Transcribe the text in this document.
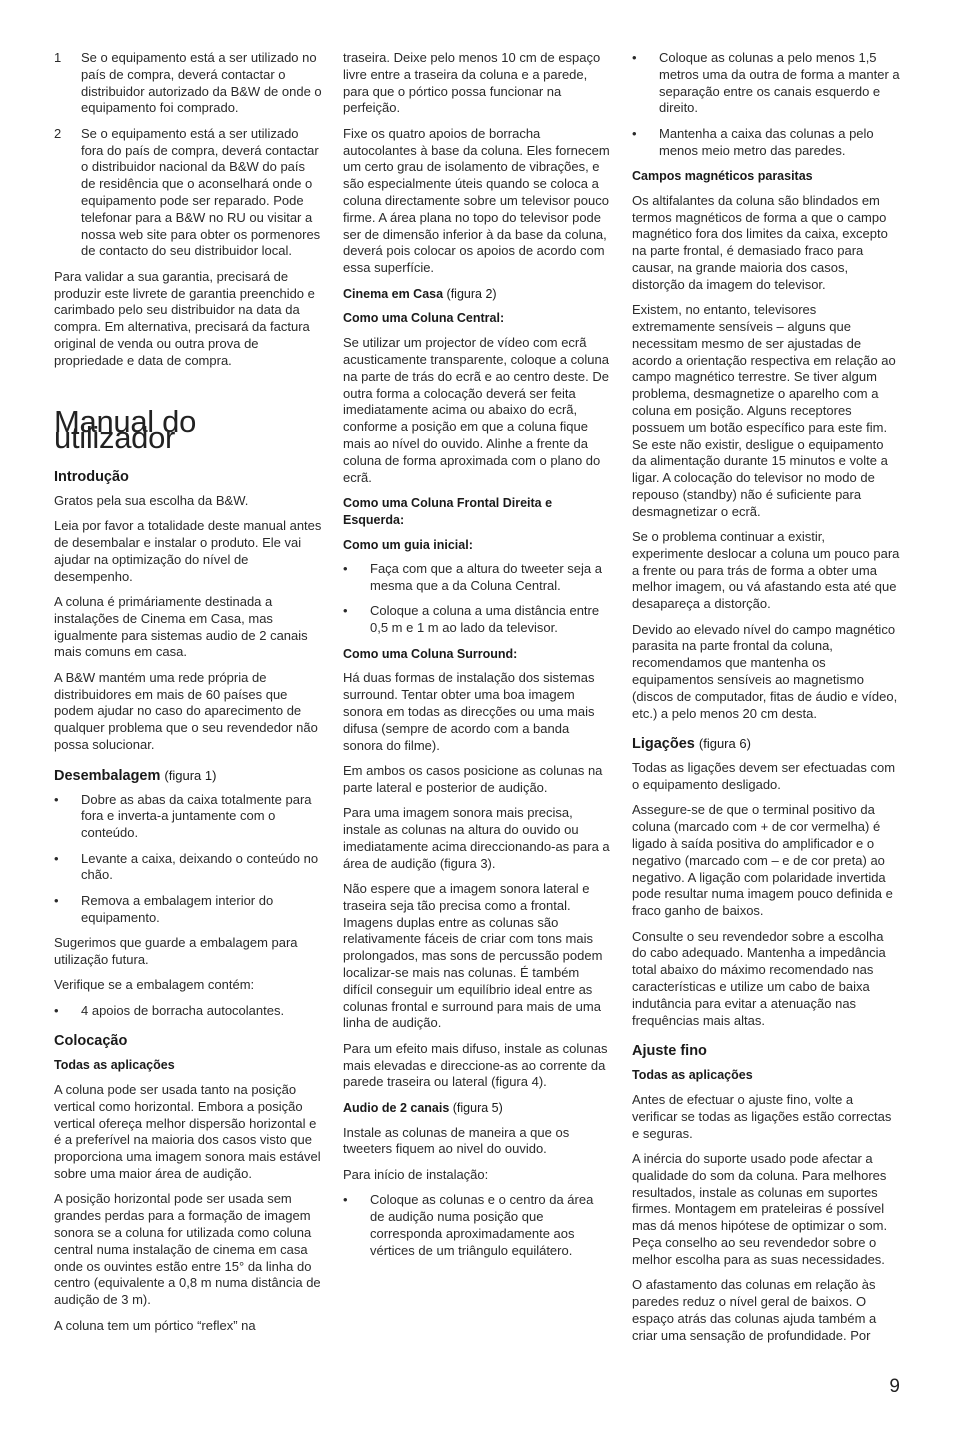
1	Se o equipamento está a ser utilizado no país de compra, deverá contactar o distribuidor autorizado da B&W de onde o equipamento foi comprado.
2	Se o equipamento está a ser utilizado fora do país de compra, deverá contactar o distribuidor nacional da B&W do país de residência que o aconselhará onde o equipamento pode ser reparado. Pode telefonar para a B&W no RU ou visitar a nossa web site para obter os pormenores de contacto do seu distribuidor local.

Para validar a sua garantia, precisará de produzir este livrete de garantia preenchido e carimbado pelo seu distribuidor na data da compra. Em alternativa, precisará da factura original de venda ou outra prova de propriedade e data de compra.

Manual do utilizador
Introdução

Gratos pela sua escolha da B&W.

Leia por favor a totalidade deste manual antes de desembalar e instalar o produto. Ele vai ajudar na optimização do nível de desempenho.

A coluna é primáriamente destinada a instalações de Cinema em Casa, mas igualmente para sistemas audio de 2 canais mais comuns em casa.

A B&W mantém uma rede própria de distribuidores em mais de 60 países que podem ajudar no caso do aparecimento de qualquer problema que o seu revendedor não possa solucionar.

Desembalagem (figura 1)
•	Dobre as abas da caixa totalmente para fora e inverta-a juntamente com o conteúdo.
•	Levante a caixa, deixando o conteúdo no chão.
•	Remova a embalagem interior do equipamento.

Sugerimos que guarde a embalagem para utilização futura.

Verifique se a embalagem contém:

•	4 apoios de borracha autocolantes.
Colocação
Todas as aplicações

A coluna pode ser usada tanto na posição vertical como horizontal. Embora a posição vertical ofereça melhor dispersão horizontal e é a preferível na maioria dos casos visto que proporciona uma imagem sonora mais estável sobre uma maior área de audição.

A posição horizontal pode ser usada sem grandes perdas para a formação de imagem sonora se a coluna for utilizada como coluna central numa instalação de cinema em casa onde os ouvintes estão entre 15° da linha do centro (equivalente a 0,8 m numa distância de audição de 3 m).

A coluna tem um pórtico “reflex” na

traseira. Deixe pelo menos 10 cm de espaço livre entre a traseira da coluna e a parede, para que o pórtico possa funcionar na perfeição.

Fixe os quatro apoios de borracha autocolantes à base da coluna. Eles fornecem um certo grau de isolamento de vibrações, e são especialmente úteis quando se coloca a coluna directamente sobre um televisor pouco firme. A área plana no topo do televisor pode ser de dimensão inferior à da base da coluna, deverá pois colocar os apoios de acordo com essa superfície.

Cinema em Casa (figura 2)
Como uma Coluna Central:

Se utilizar um projector de vídeo com ecrã acusticamente transparente, coloque a coluna na parte de trás do ecrã e ao centro deste. De outra forma a colocação deverá ser feita imediatamente acima ou abaixo do ecrã, conforme a posição em que a coluna fique mais ao nível do ouvido. Alinhe a frente da coluna de forma aproximada com o plano do ecrã.

Como uma Coluna Frontal Direita e Esquerda:
Como um guia inicial:
•	Faça com que a altura do tweeter seja a mesma que a da Coluna Central.
•	Coloque a coluna a uma distância entre 0,5 m e 1 m ao lado da televisor.
Como uma Coluna Surround:

Há duas formas de instalação dos sistemas surround. Tentar obter uma boa imagem sonora em todas as direcções ou uma mais difusa (sempre de acordo com a banda sonora do filme).

Em ambos os casos posicione as colunas na parte lateral e posterior de audição.

Para uma imagem sonora mais precisa, instale as colunas na altura do ouvido ou imediatamente acima direccionando-as para a área de audição (figura 3).

Não espere que a imagem sonora lateral e traseira seja tão precisa como a frontal. Imagens duplas entre as colunas são relativamente fáceis de criar com tons mais prolongados, mas sons de percussão podem localizar-se mais nas colunas. É também difícil conseguir um equilíbrio ideal entre as colunas frontal e surround para mais de uma linha de audição.

Para um efeito mais difuso, instale as colunas mais elevadas e direccione-as ao corrente da parede traseira ou lateral (figura 4).

Audio de 2 canais (figura 5)

Instale as colunas de maneira a que os tweeters fiquem ao nivel do ouvido.

Para início de instalação:

•	Coloque as colunas e o centro da área de audição numa posição que corresponda aproximadamente aos vértices de um triângulo equilátero.
•	Coloque as colunas a pelo menos 1,5 metros uma da outra de forma a manter a separação entre os canais esquerdo e direito.
•	Mantenha a caixa das colunas a pelo menos meio metro das paredes.
Campos magnéticos parasitas

Os altifalantes da coluna são blindados em termos magnéticos de forma a que o campo magnético fora dos limites da caixa, excepto na parte frontal, é demasiado fraco para causar, na grande maioria dos casos, distorção da imagem do televisor.

Existem, no entanto, televisores extremamente sensíveis – alguns que necessitam mesmo de ser ajustadas de acordo a orientação respectiva em relação ao campo magnético terrestre. Se tiver algum problema, desmagnetize o aparelho com a coluna em posição. Alguns receptores possuem um botão específico para este fim. Se este não existir, desligue o equipamento da alimentação durante 15 minutos e volte a ligar. A colocação do televisor no modo de repouso (standby) não é suficiente para desmagnetizar o ecrã.

Se o problema continuar a existir, experimente deslocar a coluna um pouco para a frente ou para trás de forma a obter uma melhor imagem, ou vá afastando esta até que desapareça a distorção.

Devido ao elevado nível do campo magnético parasita na parte frontal da coluna, recomendamos que mantenha os equipamentos sensíveis ao magnetismo (discos de computador, fitas de áudio e vídeo, etc.) a pelo menos 20 cm desta.

Ligações (figura 6)

Todas as ligações devem ser efectuadas com o equipamento desligado.

Assegure-se de que o terminal positivo da coluna (marcado com + de cor vermelha) é ligado à saída positiva do amplificador e o negativo (marcado com – e de cor preta) ao negativo. A ligação com polaridade invertida pode resultar numa imagem pouco definida e fraco ganho de baixos.

Consulte o seu revendedor sobre a escolha do cabo adequado. Mantenha a impedância total abaixo do máximo recomendado nas características e utilize um cabo de baixa indutância para evitar a atenuação nas frequências mais altas.

Ajuste fino
Todas as aplicações

Antes de efectuar o ajuste fino, volte a verificar se todas as ligações estão correctas e seguras.

A inércia do suporte usado pode afectar a qualidade do som da coluna. Para melhores resultados, instale as colunas em suportes firmes. Montagem em prateleiras é possível mas dá menos hipótese de optimizar o som. Peça conselho ao seu revendedor sobre o melhor escolha para as suas necessidades.

O afastamento das colunas em relação às paredes reduz o nível geral de baixos. O espaço atrás das colunas ajuda também a criar uma sensação de profundidade. Por

9
